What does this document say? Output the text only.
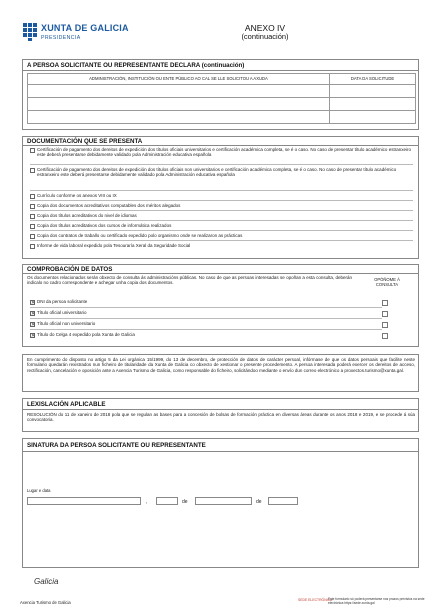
XUNTA DE GALICIA
PRESIDENCIA
ANEXO IV
(continuación)
A PERSOA SOLICITANTE OU REPRESENTANTE DECLARA (continuación)
ADMINISTRACIÓN, INSTITUCIÓN OU ENTE PÚBLICO AO CAL SE LLE SOLICITOU A AXUDA	DATA DA SOLICITUDE

DOCUMENTACIÓN QUE SE PRESENTA
Certificación de pagamento dos dereitos de expedición dos títulos oficiais universitarios e certificación académica completa, se é o caso. No caso de presentar título académico estranxeiro este deberá presentarse debidamente validado pola Administración educativa española
Certificación de pagamento dos dereitos de expedición dos títulos oficiais non universitarios e certificación académica completa, se é o caso. No caso de presentar título académico estranxeiro este deberá presentarse debidamente validado pola Administración educativa española
Currículo conforme os anexos VIII ou IX
Copia dos documentos acreditativos computables dos méritos alegados
Copia dos títulos acreditativos do nivel de idiomas
Copia dos títulos acreditativos dos cursos de informática realizados
Copia dos contratos de traballo ou certificado expedido polo organismo onde se realizaron as prácticas
Informe de vida laboral expedido pola Tesouraría Xeral da Seguridade Social
COMPROBACIÓN DE DATOS
Os documentos relacionados serán obxecto de consulta ás administracións públicas. No caso de que as persoas interesadas se opoñan a esta consulta, deberán indicalo no cadro correspondente e achegar unha copia dos documentos.
OPÓÑOME Á CONSULTA
✕ DNI da persoa solicitante
✕ Título oficial universitario
✕ Título oficial non universitario
✕ Título do Celga 4 expedido pola Xunta de Galicia
En cumprimento do disposto no artigo 5 da Lei orgánica 15/1999, do 13 de decembro, de protección de datos de carácter persoal, infórmase de que os datos persoais que facilite neste formulario quedarán rexistrados nun ficheiro de titularidade da Xunta de Galicia co obxecto de xestionar o presente procedemento. A persoa interesada poderá exercer os dereitos de acceso, rectificación, cancelación e oposición ante a Axencia Turismo de Galicia, como responsable do ficheiro, solicitándoo mediante o envío dun correo electrónico a proxectos.turismo@xunta.gal.
LEXISLACIÓN APLICABLE
RESOLUCIÓN do 11 de xaneiro de 2018 pola que se regulan as bases para a concesión de bolsas de formación práctica en diversas áreas durante os anos 2018 e 2019, e se procede á súa convocatoria.
SINATURA DA PERSOA SOLICITANTE OU REPRESENTANTE
Lugar e data
,	de	de
Galicia
Axencia Turismo de Galicia	SEDE ELECTRÓNICA
Este formulario só poderá presentarse nos prazos previstos na sede electrónica https://sede.xunta.gal
